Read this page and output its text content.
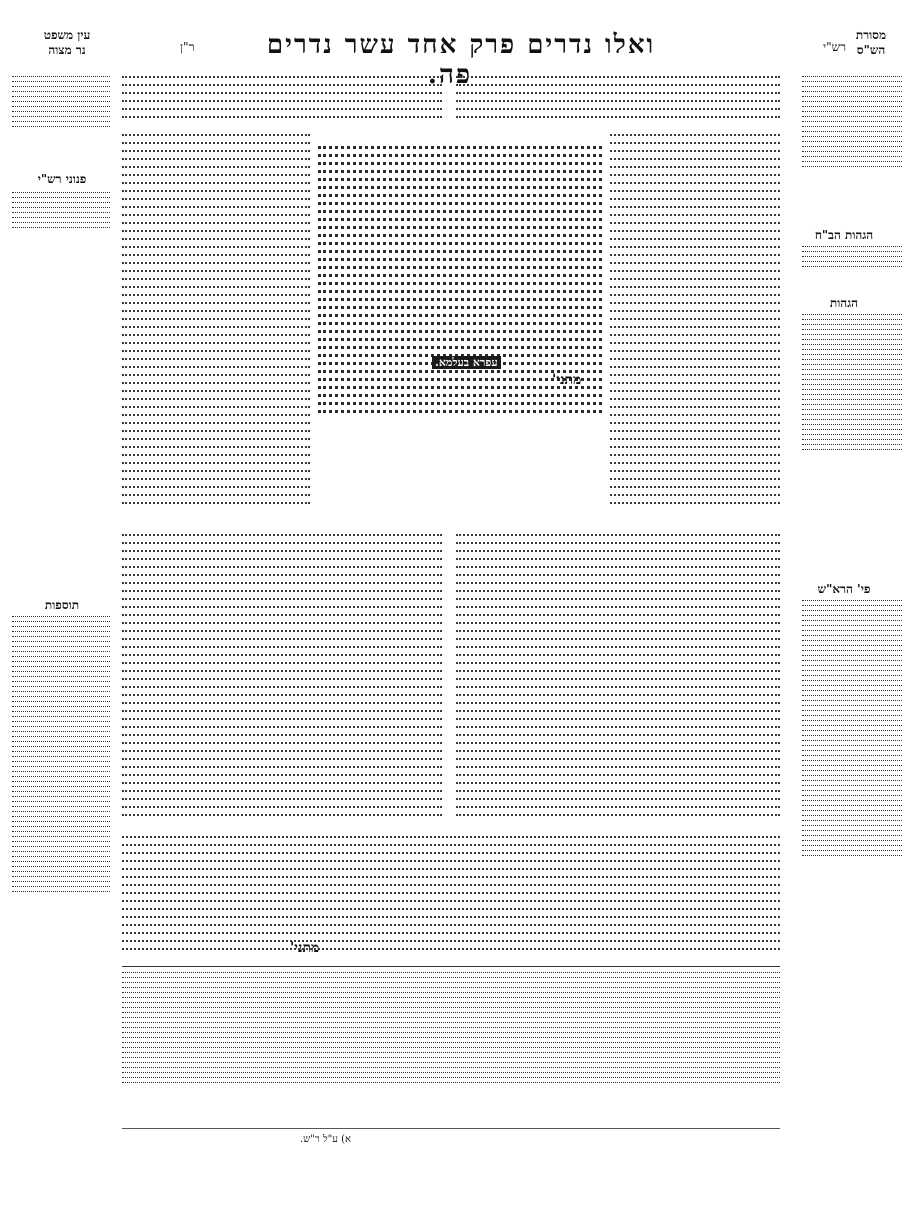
ואלו נדרים פרק אחד עשר נדרים   פה.
רש"י
ר"ן
עין משפט
נר מצוה
מסורת
הש"ס
הגהות הב"ח
הגהות
פי' הרא"ש
פנוני רש"י
תוספות
עפרא בעלמא.
מתני'
מתני'
א) ע"ל ר"ש.
